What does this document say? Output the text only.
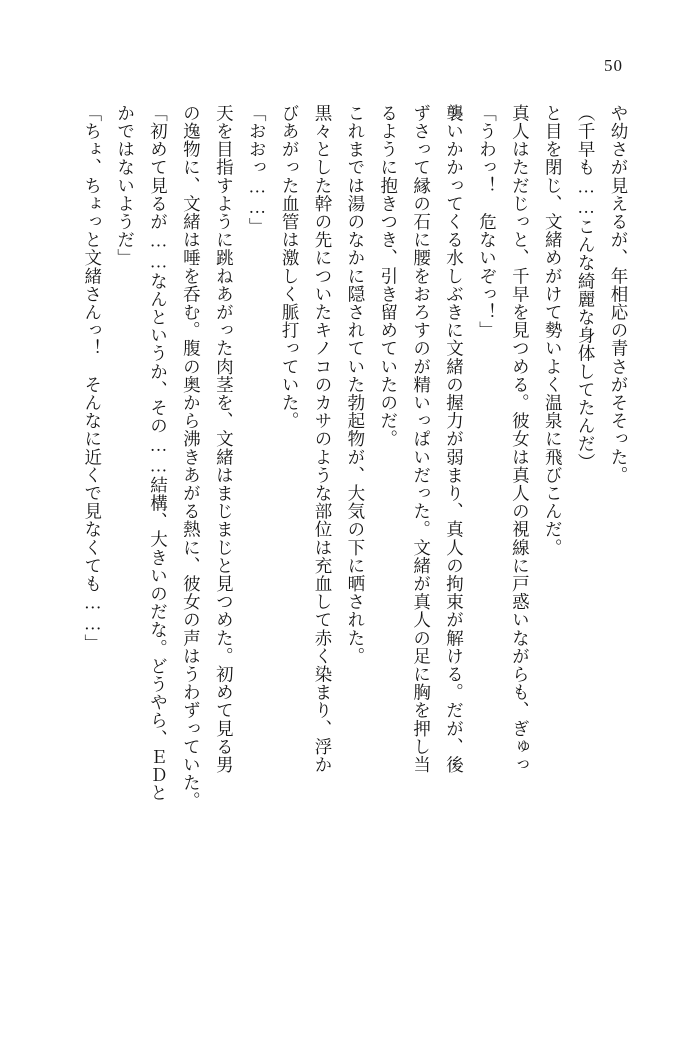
50

や幼さが見えるが、年相応の青さがそそった。

（千早も……こんな綺麗な身体してたんだ）

と目を閉じ、文緒めがけて勢いよく温泉に飛びこんだ。

真人はただじっと、千早を見つめる。彼女は真人の視線に戸惑いながらも、ぎゅっ

「うわっ！　危ないぞっ！」

襲いかかってくる水しぶきに文緒の握力が弱まり、真人の拘束が解ける。だが、後

ずさって縁の石に腰をおろすのが精いっぱいだった。文緒が真人の足に胸を押し当

るように抱きつき、引き留めていたのだ。

これまでは湯のなかに隠されていた勃起物が、大気の下に晒された。

黒々とした幹の先についたキノコのカサのような部位は充血して赤く染まり、浮か

びあがった血管は激しく脈打っていた。

「おおっ……」

天を目指すように跳ねあがった肉茎を、文緒はまじまじと見つめた。初めて見る男

の逸物に、文緒は唾を呑む。腹の奥から沸きあがる熱に、彼女の声はうわずっていた。

「初めて見るが……なんというか、その……結構、大きいのだな。どうやら、ＥＤと

かではないようだ」

「ちょ、ちょっと文緒さんっ！　そんなに近くで見なくても……」
